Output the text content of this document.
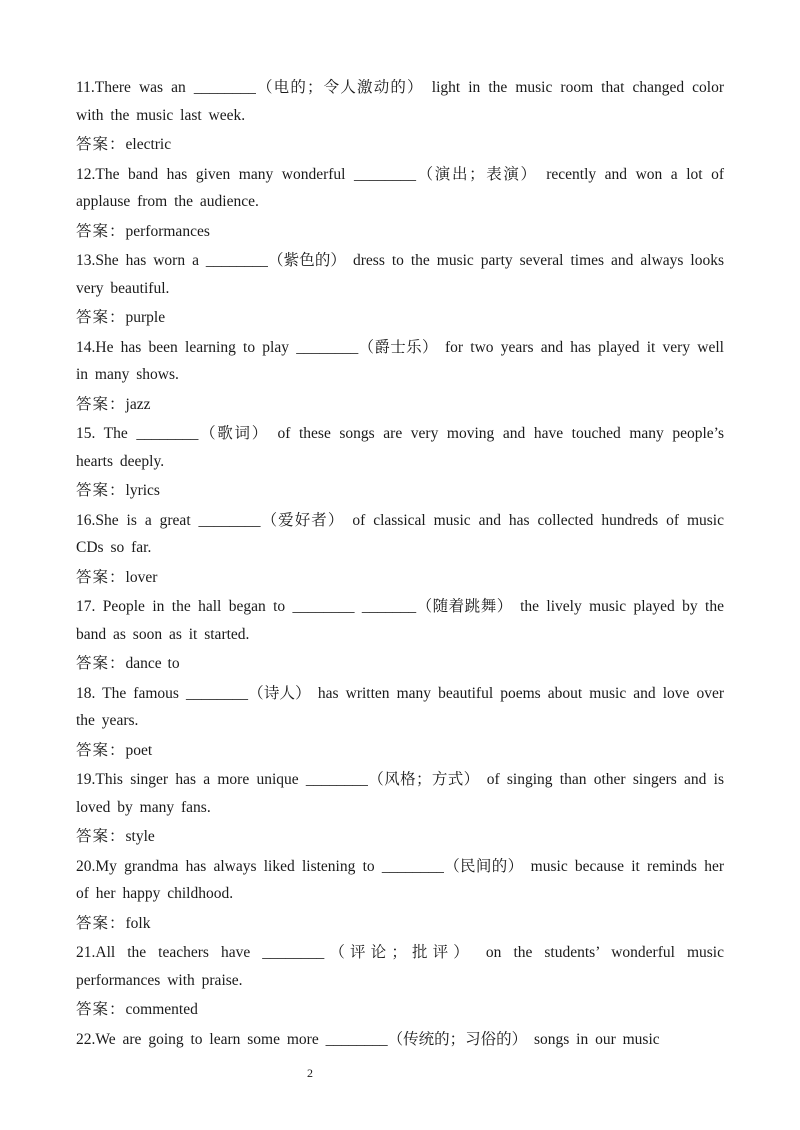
11.There was an ________（电的；令人激动的） light in the music room that changed color with the music last week.

答案：electric

12.The band has given many wonderful ________（演出；表演） recently and won a lot of applause from the audience.

答案：performances

13.She has worn a ________（紫色的） dress to the music party several times and always looks very beautiful.

答案：purple

14.He has been learning to play ________（爵士乐） for two years and has played it very well in many shows.

答案：jazz

15. The ________（歌词） of these songs are very moving and have touched many people’s hearts deeply.

答案：lyrics

16.She is a great ________（爱好者） of classical music and has collected hundreds of music CDs so far.

答案：lover

17. People in the hall began to ________ _______（随着跳舞） the lively music played by the band as soon as it started.

答案：dance to

18. The famous ________（诗人） has written many beautiful poems about music and love over the years.

答案：poet

19.This singer has a more unique ________（风格；方式） of singing than other singers and is loved by many fans.

答案：style

20.My grandma has always liked listening to ________（民间的） music because it reminds her of her happy childhood.

答案：folk

21.All the teachers have ________（评论；批评） on the students’ wonderful music performances with praise.

答案：commented

22.We are going to learn some more ________（传统的；习俗的） songs in our music

2
